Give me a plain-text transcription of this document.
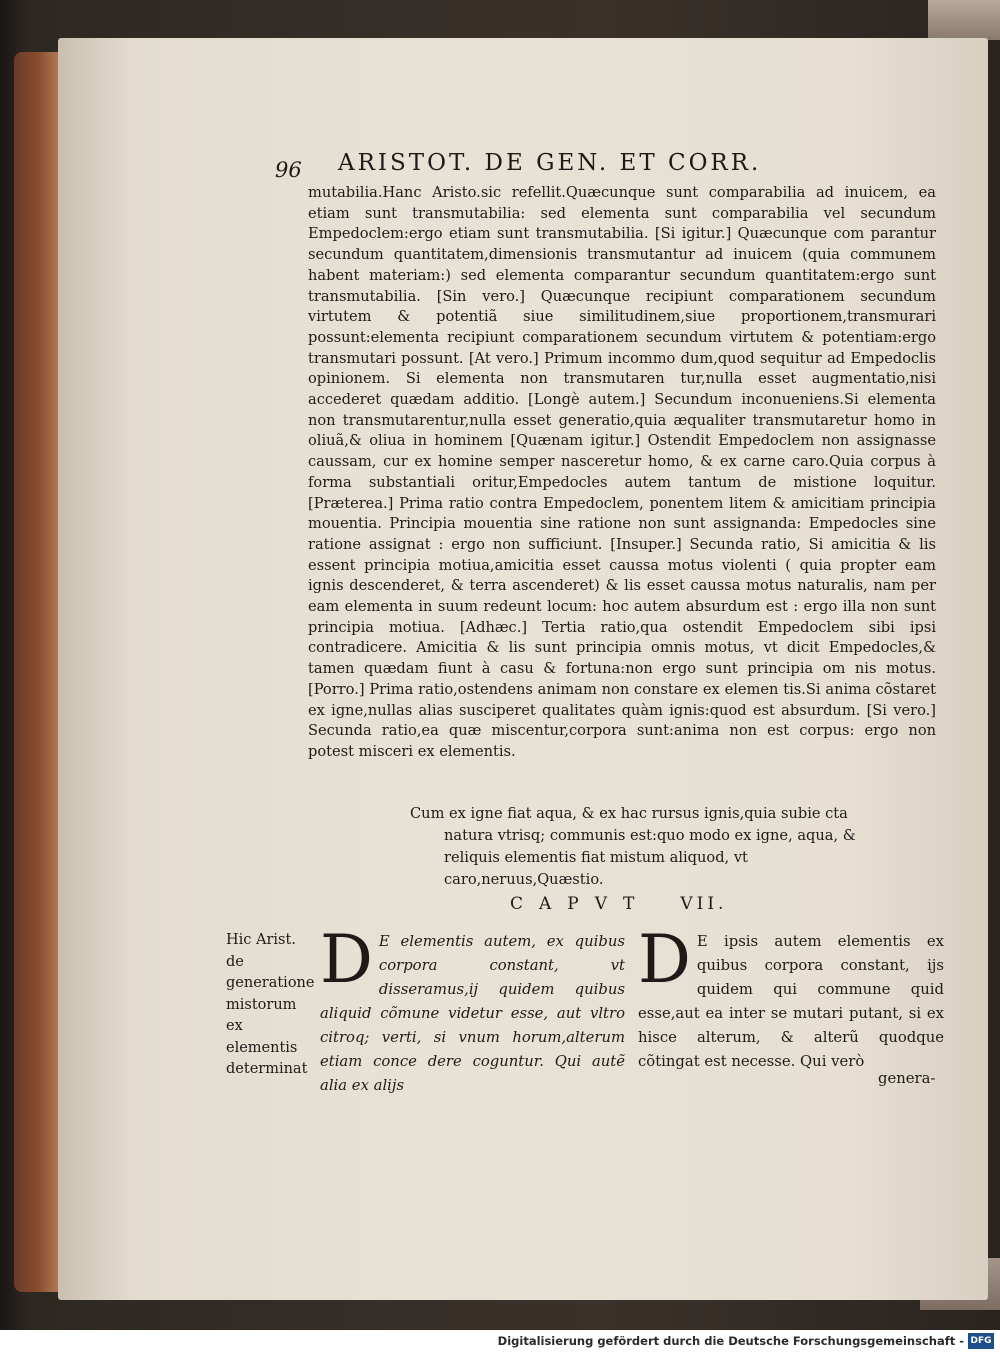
96 ARISTOT. DE GEN. ET CORR.

mutabilia.Hanc Aristo.sic refellit.Quæcunque sunt comparabilia ad inuicem, ea etiam sunt transmutabilia: sed elementa sunt comparabilia vel secundum Empedoclem:ergo etiam sunt transmutabilia. [Si igitur.] Quæcunque com parantur secundum quantitatem,dimensionis transmutantur ad inuicem (quia communem habent materiam:) sed elementa comparantur secundum quantitatem:ergo sunt transmutabilia. [Sin vero.] Quæcunque recipiunt comparationem secundum virtutem & potentiã siue similitudinem,siue proportionem,transmurari possunt:elementa recipiunt comparationem secundum virtutem & potentiam:ergo transmutari possunt. [At vero.] Primum incommo dum,quod sequitur ad Empedoclis opinionem. Si elementa non transmutaren tur,nulla esset augmentatio,nisi accederet quædam additio. [Longè autem.] Secundum inconueniens.Si elementa non transmutarentur,nulla esset generatio,quia æqualiter transmutaretur homo in oliuã,& oliua in hominem [Quænam igitur.] Ostendit Empedoclem non assignasse caussam, cur ex homine semper nasceretur homo, & ex carne caro.Quia corpus à forma substantiali oritur,Empedocles autem tantum de mistione loquitur. [Præterea.] Prima ratio contra Empedoclem, ponentem litem & amicitiam principia mouentia. Principia mouentia sine ratione non sunt assignanda: Empedocles sine ratione assignat : ergo non sufficiunt. [Insuper.] Secunda ratio, Si amicitia & lis essent principia motiua,amicitia esset caussa motus violenti ( quia propter eam ignis descenderet, & terra ascenderet) & lis esset caussa motus naturalis, nam per eam elementa in suum redeunt locum: hoc autem absurdum est : ergo illa non sunt principia motiua. [Adhæc.] Tertia ratio,qua ostendit Empedoclem sibi ipsi contradicere. Amicitia & lis sunt principia omnis motus, vt dicit Empedocles,& tamen quædam fiunt à casu & fortuna:non ergo sunt principia om nis motus. [Porro.] Prima ratio,ostendens animam non constare ex elemen tis.Si anima cõstaret ex igne,nullas alias susciperet qualitates quàm ignis:quod est absurdum. [Si vero.] Secunda ratio,ea quæ miscentur,corpora sunt:anima non est corpus: ergo non potest misceri ex elementis.

Cum ex igne fiat aqua, & ex hac rursus ignis,quia subie cta natura vtrisq; communis est:quo modo ex igne, aqua, & reliquis elementis fiat mistum aliquod, vt caro,neruus,Quæstio.

CAPVT VII.

Hic Arist. de generatione mistorum ex elementis determinat

D E elementis autem, ex quibus corpora constant, vt disseramus,ij quidem quibus aliquid cõmune videtur esse, aut vltro citroq; verti, si vnum horum,alterum etiam conce dere coguntur. Qui autẽ alia ex alijs

D E ipsis autem elementis ex quibus corpora constant, ijs quidem qui commune quid esse,aut ea inter se mutari putant, si ex hisce alterum, & alterũ quodque cõtingat est necesse. Qui verò

genera-
Digitalisierung gefördert durch die Deutsche Forschungsgemeinschaft - DFG
